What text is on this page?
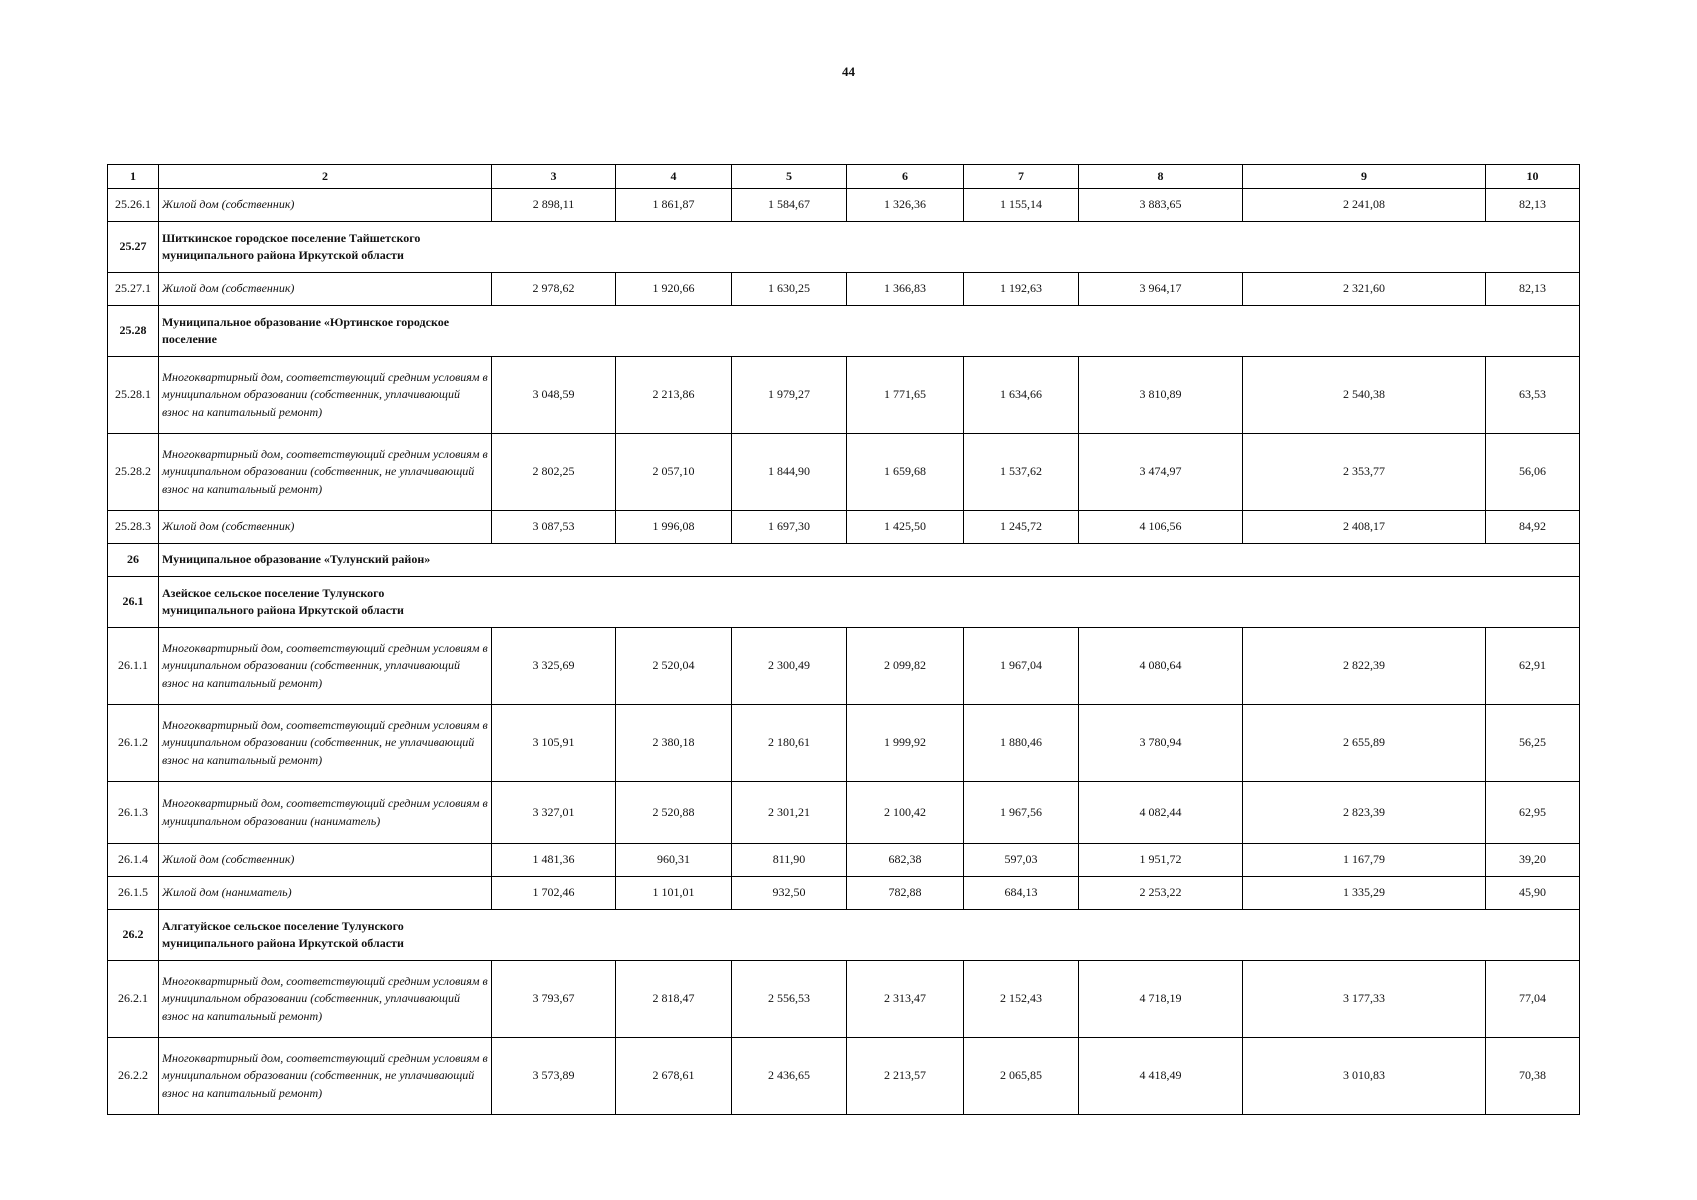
44
1	2	3	4	5	6	7	8	9	10
25.26.1	Жилой дом (собственник)	2 898,11	1 861,87	1 584,67	1 326,36	1 155,14	3 883,65	2 241,08	82,13
25.27	Шиткинское городское поселение Тайшетского муниципального района Иркутской области								
25.27.1	Жилой дом (собственник)	2 978,62	1 920,66	1 630,25	1 366,83	1 192,63	3 964,17	2 321,60	82,13
25.28	Муниципальное образование «Юртинское городское поселение								
25.28.1	Многоквартирный дом, соответствующий средним условиям в муниципальном образовании (собственник, уплачивающий взнос на капитальный ремонт)	3 048,59	2 213,86	1 979,27	1 771,65	1 634,66	3 810,89	2 540,38	63,53
25.28.2	Многоквартирный дом, соответствующий средним условиям в муниципальном образовании (собственник, не уплачивающий взнос на капитальный ремонт)	2 802,25	2 057,10	1 844,90	1 659,68	1 537,62	3 474,97	2 353,77	56,06
25.28.3	Жилой дом (собственник)	3 087,53	1 996,08	1 697,30	1 425,50	1 245,72	4 106,56	2 408,17	84,92
26	Муниципальное образование «Тулунский район»								
26.1	Азейское сельское поселение Тулунского муниципального района Иркутской области								
26.1.1	Многоквартирный дом, соответствующий средним условиям в муниципальном образовании (собственник, уплачивающий взнос на капитальный ремонт)	3 325,69	2 520,04	2 300,49	2 099,82	1 967,04	4 080,64	2 822,39	62,91
26.1.2	Многоквартирный дом, соответствующий средним условиям в муниципальном образовании (собственник, не уплачивающий взнос на капитальный ремонт)	3 105,91	2 380,18	2 180,61	1 999,92	1 880,46	3 780,94	2 655,89	56,25
26.1.3	Многоквартирный дом, соответствующий средним условиям в муниципальном образовании (наниматель)	3 327,01	2 520,88	2 301,21	2 100,42	1 967,56	4 082,44	2 823,39	62,95
26.1.4	Жилой дом (собственник)	1 481,36	960,31	811,90	682,38	597,03	1 951,72	1 167,79	39,20
26.1.5	Жилой дом (наниматель)	1 702,46	1 101,01	932,50	782,88	684,13	2 253,22	1 335,29	45,90
26.2	Алгатуйское сельское поселение Тулунского муниципального района Иркутской области								
26.2.1	Многоквартирный дом, соответствующий средним условиям в муниципальном образовании (собственник, уплачивающий взнос на капитальный ремонт)	3 793,67	2 818,47	2 556,53	2 313,47	2 152,43	4 718,19	3 177,33	77,04
26.2.2	Многоквартирный дом, соответствующий средним условиям в муниципальном образовании (собственник, не уплачивающий взнос на капитальный ремонт)	3 573,89	2 678,61	2 436,65	2 213,57	2 065,85	4 418,49	3 010,83	70,38
